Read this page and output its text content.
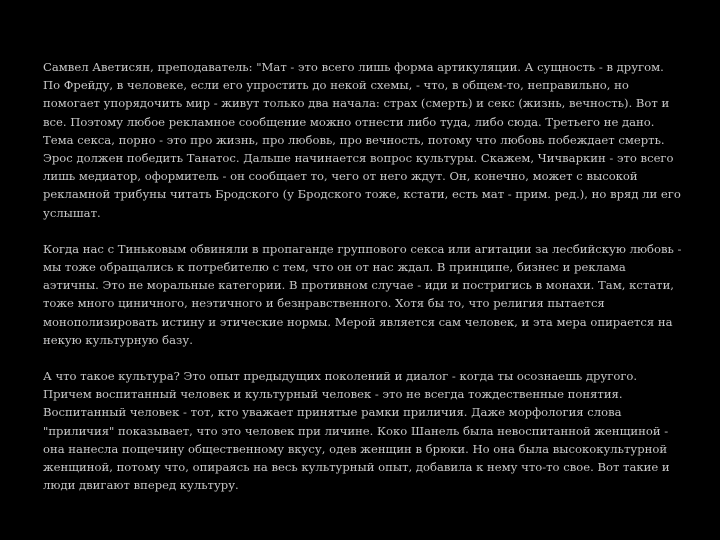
Самвел Аветисян, преподаватель: "Мат - это всего лишь форма артикуляции. А сущность - в другом. По Фрейду, в человеке, если его упростить до некой схемы, - что, в общем-то, неправильно, но помогает упорядочить мир - живут только два начала: страх (смерть) и секс (жизнь, вечность). Вот и все. Поэтому любое рекламное сообщение можно отнести либо туда, либо сюда. Третьего не дано. Тема секса, порно - это про жизнь, про любовь, про вечность, потому что любовь побеждает смерть. Эрос должен победить Танатос. Дальше начинается вопрос культуры. Скажем, Чичваркин - это всего лишь медиатор, оформитель - он сообщает то, чего от него ждут. Он, конечно, может с высокой рекламной трибуны читать Бродского (у Бродского тоже, кстати, есть мат - прим. ред.), но вряд ли его услышат.

Когда нас с Тиньковым обвиняли в пропаганде группового секса или агитации за лесбийскую любовь - мы тоже обращались к потребителю с тем, что он от нас ждал. В принципе, бизнес и реклама аэтичны. Это не моральные категории. В противном случае - иди и постригись в монахи. Там, кстати, тоже много циничного, неэтичного и безнравственного. Хотя бы то, что религия пытается монополизировать истину и этические нормы. Мерой является сам человек, и эта мера опирается на некую культурную базу.

А что такое культура? Это опыт предыдущих поколений и диалог - когда ты осознаешь другого. Причем воспитанный человек и культурный человек - это не всегда тождественные понятия. Воспитанный человек - тот, кто уважает принятые рамки приличия. Даже морфология слова "приличия" показывает, что это человек при личине. Коко Шанель была невоспитанной женщиной - она нанесла пощечину общественному вкусу, одев женщин в брюки. Но она была высококультурной женщиной, потому что, опираясь на весь культурный опыт, добавила к нему что-то свое. Вот такие и люди двигают вперед культуру.
